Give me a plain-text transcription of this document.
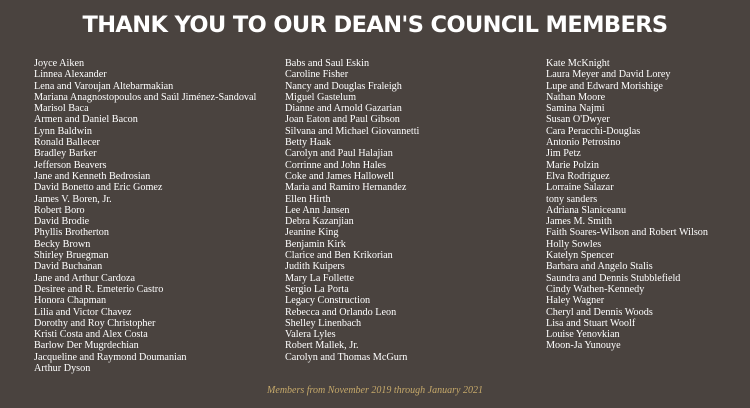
THANK YOU TO OUR DEAN'S COUNCIL MEMBERS
Joyce Aiken
Linnea Alexander
Lena and Varoujan Altebarmakian
Mariana Anagnostopoulos and Saúl Jiménez-Sandoval
Marisol Baca
Armen and Daniel Bacon
Lynn Baldwin
Ronald Ballecer
Bradley Barker
Jefferson Beavers
Jane and Kenneth Bedrosian
David Bonetto and Eric Gomez
James V. Boren, Jr.
Robert Boro
David Brodie
Phyllis Brotherton
Becky Brown
Shirley Bruegman
David Buchanan
Jane and Arthur Cardoza
Desiree and R. Emeterio Castro
Honora Chapman
Lilia and Victor Chavez
Dorothy and Roy Christopher
Kristi Costa and Alex Costa
Barlow Der Mugrdechian
Jacqueline and Raymond Doumanian
Arthur Dyson
Babs and Saul Eskin
Caroline Fisher
Nancy and Douglas Fraleigh
Miguel Gastelum
Dianne and Arnold Gazarian
Joan Eaton and Paul Gibson
Silvana and Michael Giovannetti
Betty Haak
Carolyn and Paul Halajian
Corrinne and John Hales
Coke and James Hallowell
Maria and Ramiro Hernandez
Ellen Hirth
Lee Ann Jansen
Debra Kazanjian
Jeanine King
Benjamin Kirk
Clarice and Ben Krikorian
Judith Kuipers
Mary La Follette
Sergio La Porta
Legacy Construction
Rebecca and Orlando Leon
Shelley Linenbach
Valera Lyles
Robert Mallek, Jr.
Carolyn and Thomas McGurn
Kate McKnight
Laura Meyer and David Lorey
Lupe and Edward Morishige
Nathan Moore
Samina Najmi
Susan O'Dwyer
Cara Peracchi-Douglas
Antonio Petrosino
Jim Petz
Marie Polzin
Elva Rodriguez
Lorraine Salazar
tony sanders
Adriana Slaniceanu
James M. Smith
Faith Soares-Wilson and Robert Wilson
Holly Sowles
Katelyn Spencer
Barbara and Angelo Stalis
Saundra and Dennis Stubblefield
Cindy Wathen-Kennedy
Haley Wagner
Cheryl and Dennis Woods
Lisa and Stuart Woolf
Louise Yenovkian
Moon-Ja Yunouye
Members from November 2019 through January 2021
